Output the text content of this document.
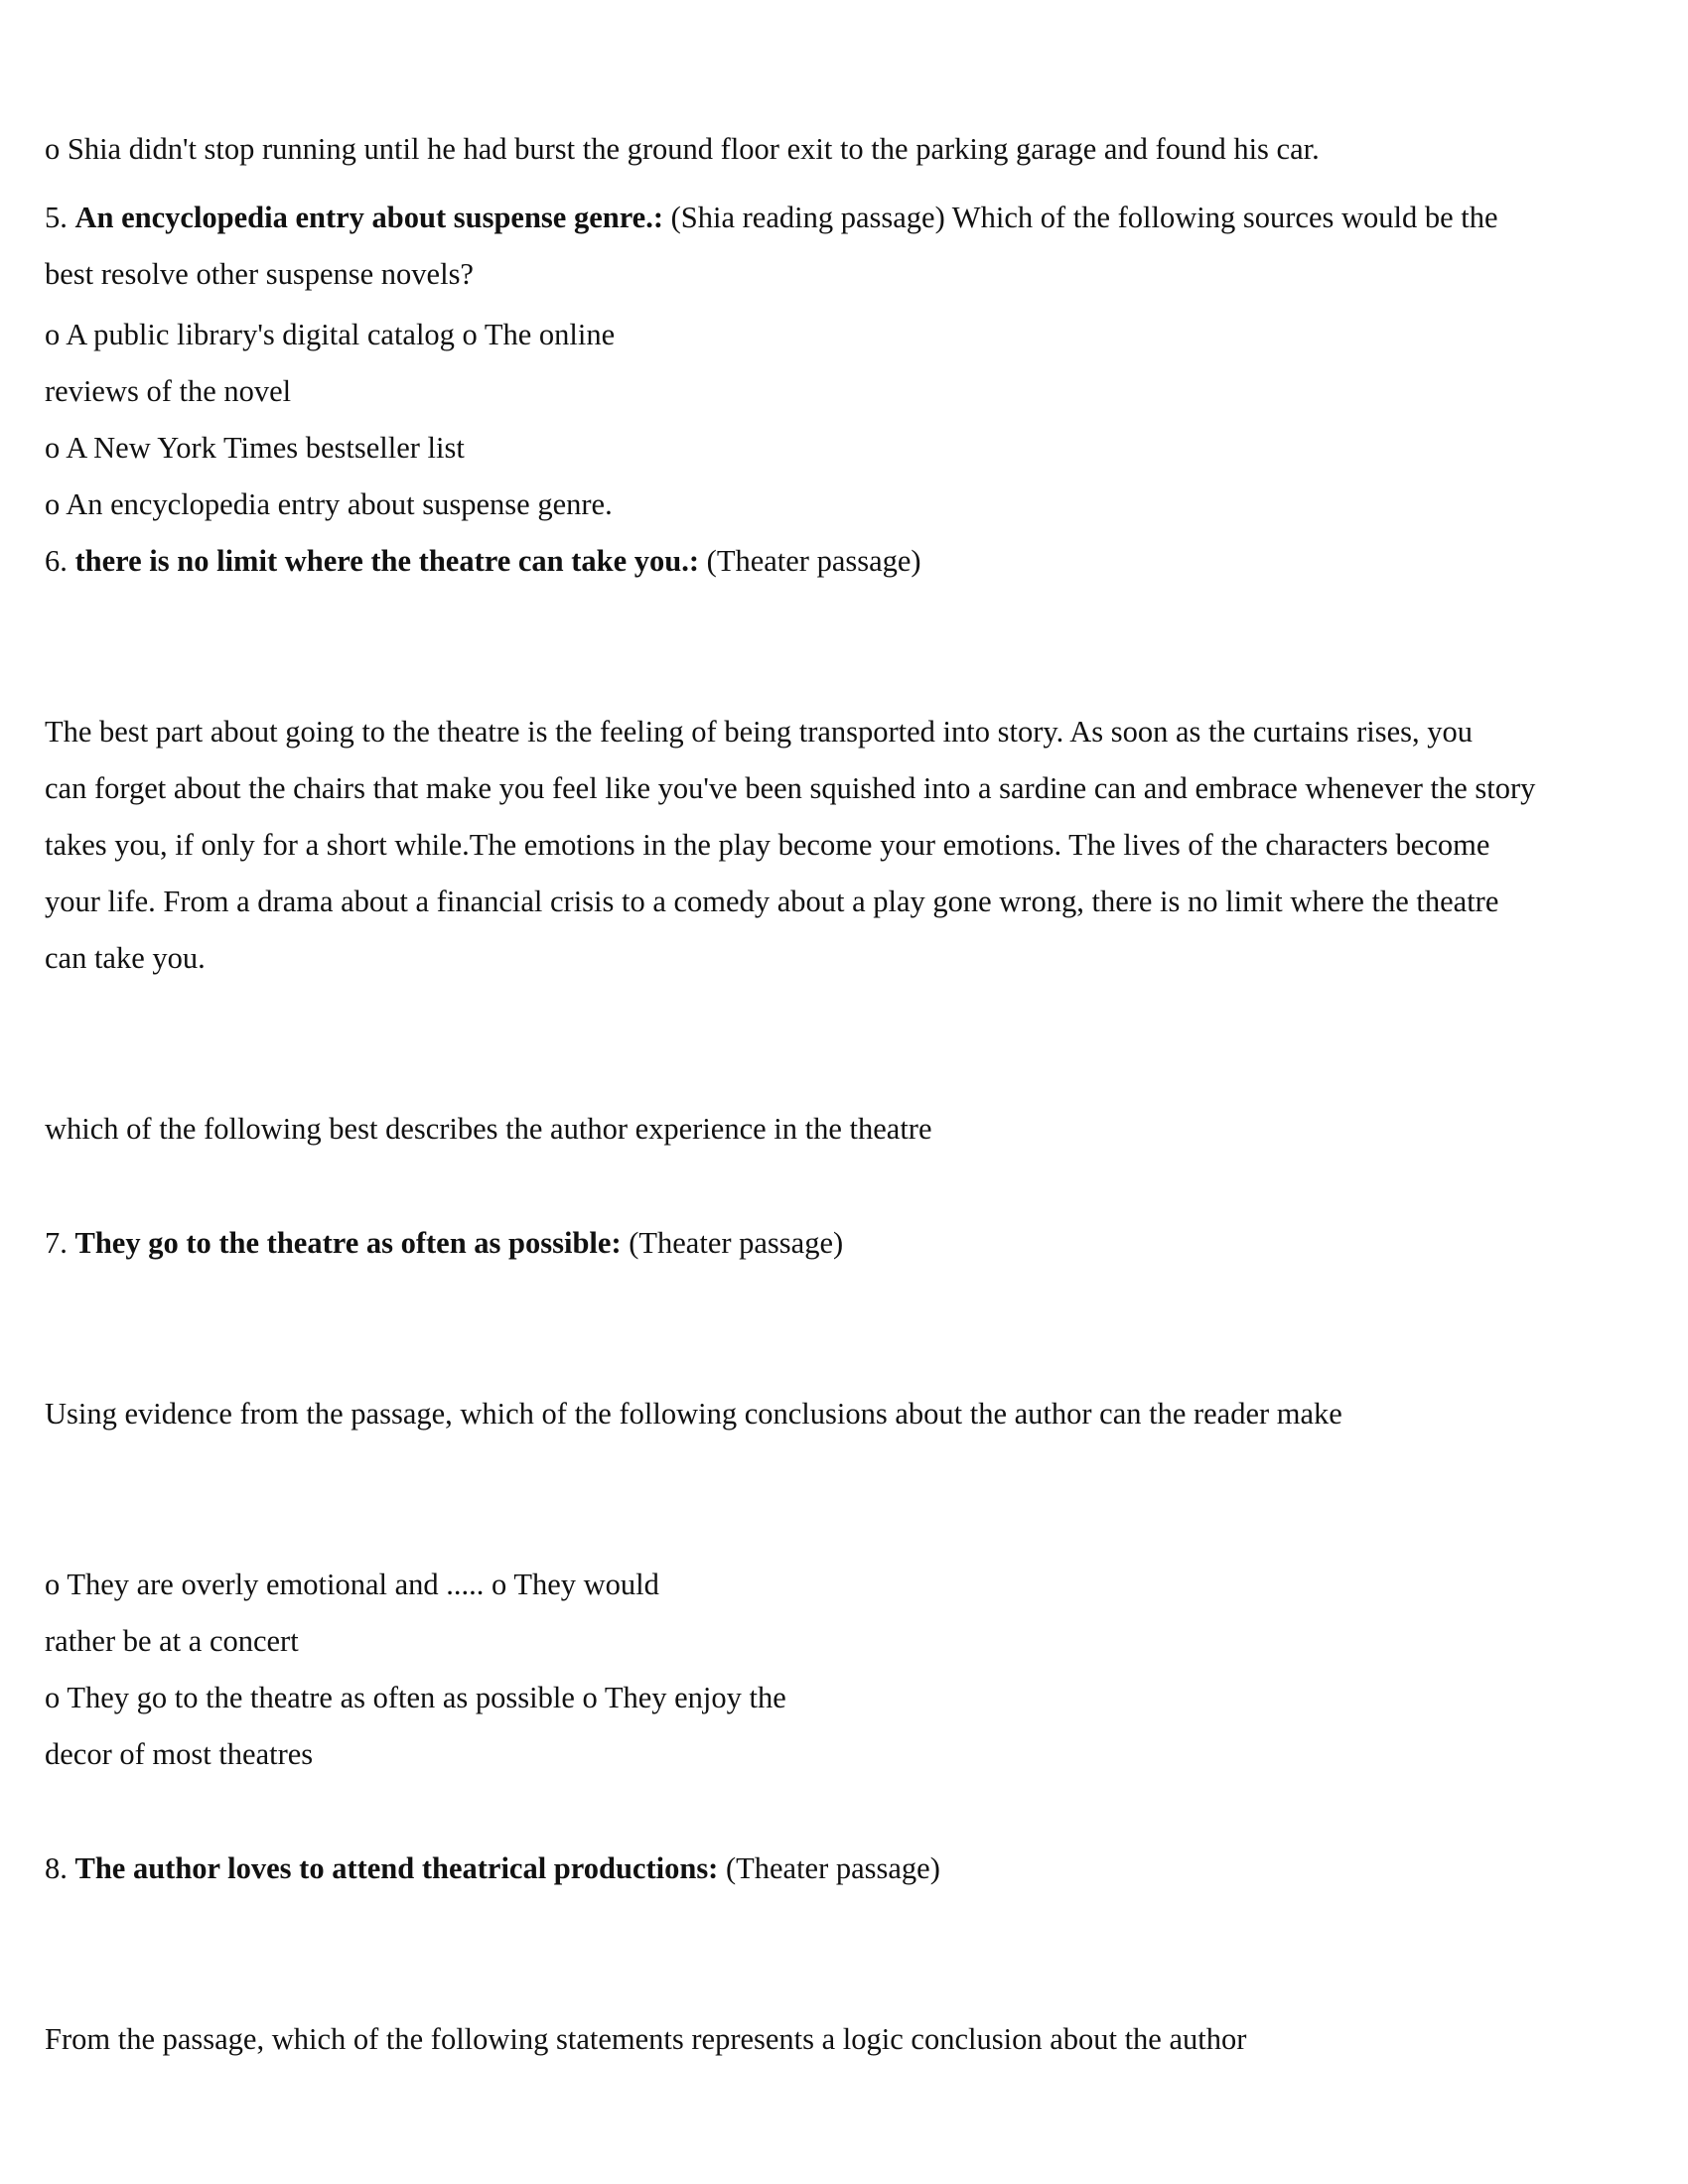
o Shia didn't stop running until he had burst the ground floor exit to the parking garage and found his car.
5. An encyclopedia entry about suspense genre.: (Shia reading passage) Which of the following sources would be the
best resolve other suspense novels?
o A public library's digital catalog o The online
reviews of the novel
o A New York Times bestseller list
o An encyclopedia entry about suspense genre.
6. there is no limit where the theatre can take you.: (Theater passage)
The best part about going to the theatre is the feeling of being transported into story. As soon as the curtains rises, you
can forget about the chairs that make you feel like you've been squished into a sardine can and embrace whenever the story
takes you, if only for a short while.The emotions in the play become your emotions. The lives of the characters become
your life. From a drama about a financial crisis to a comedy about a play gone wrong, there is no limit where the theatre
can take you.
which of the following best describes the author experience in the theatre
7. They go to the theatre as often as possible: (Theater passage)
Using evidence from the passage, which of the following conclusions about the author can the reader make
o They are overly emotional and ..... o They would
rather be at a concert
o They go to the theatre as often as possible o They enjoy the
decor of most theatres
8. The author loves to attend theatrical productions: (Theater passage)
From the passage, which of the following statements represents a logic conclusion about the author
